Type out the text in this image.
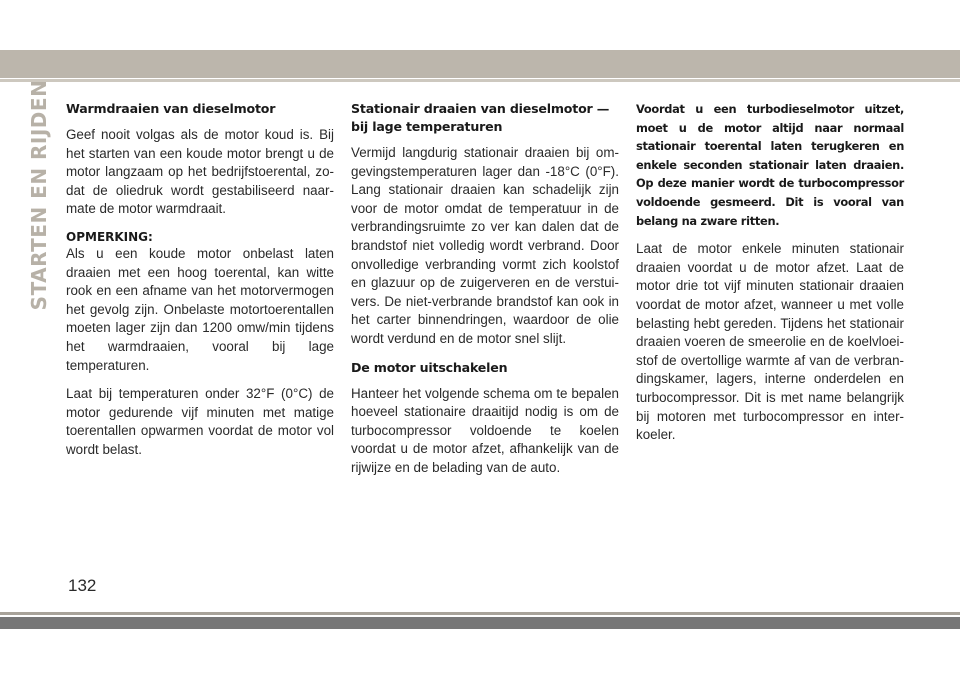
STARTEN EN RIJDEN Warmdraaien van dieselmotor

Geef nooit volgas als de motor koud is. Bij het starten van een koude motor brengt u de motor langzaam op het bedrijfstoerental, zodat de oliedruk wordt gestabiliseerd naarmate de motor warmdraait.

OPMERKING:

Als u een koude motor onbelast laten draaien met een hoog toerental, kan witte rook en een afname van het motorvermogen het gevolg zijn. Onbelaste motortoerentallen moeten lager zijn dan 1200 omw/min tijdens het warmdraaien, vooral bij lage temperaturen.

Laat bij temperaturen onder 32°F (0°C) de motor gedurende vijf minuten met matige toerentallen opwarmen voordat de motor vol wordt belast.

Stationair draaien van dieselmotor — bij lage temperaturen

Vermijd langdurig stationair draaien bij omgevingstemperaturen lager dan -18°C (0°F). Lang stationair draaien kan schadelijk zijn voor de motor omdat de temperatuur in de verbrandingsruimte zo ver kan dalen dat de brandstof niet volledig wordt verbrand. Door onvolledige verbranding vormt zich koolstof en glazuur op de zuigerveren en de verstuivers. De niet-verbrande brandstof kan ook in het carter binnendringen, waardoor de olie wordt verdund en de motor snel slijt.

De motor uitschakelen

Hanteer het volgende schema om te bepalen hoeveel stationaire draaitijd nodig is om de turbocompressor voldoende te koelen voordat u de motor afzet, afhankelijk van de rijwijze en de belading van de auto.

Voordat u een turbodieselmotor uitzet, moet u de motor altijd naar normaal stationair toerental laten terugkeren en enkele seconden stationair laten draaien. Op deze manier wordt de turbocompressor voldoende gesmeerd. Dit is vooral van belang na zware ritten.

Laat de motor enkele minuten stationair draaien voordat u de motor afzet. Laat de motor drie tot vijf minuten stationair draaien voordat de motor afzet, wanneer u met volle belasting hebt gereden. Tijdens het stationair draaien voeren de smeerolie en de koelvloeistof de overtollige warmte af van de verbrandingskamer, lagers, interne onderdelen en turbocompressor. Dit is met name belangrijk bij motoren met turbocompressor en interkoeler.

132
